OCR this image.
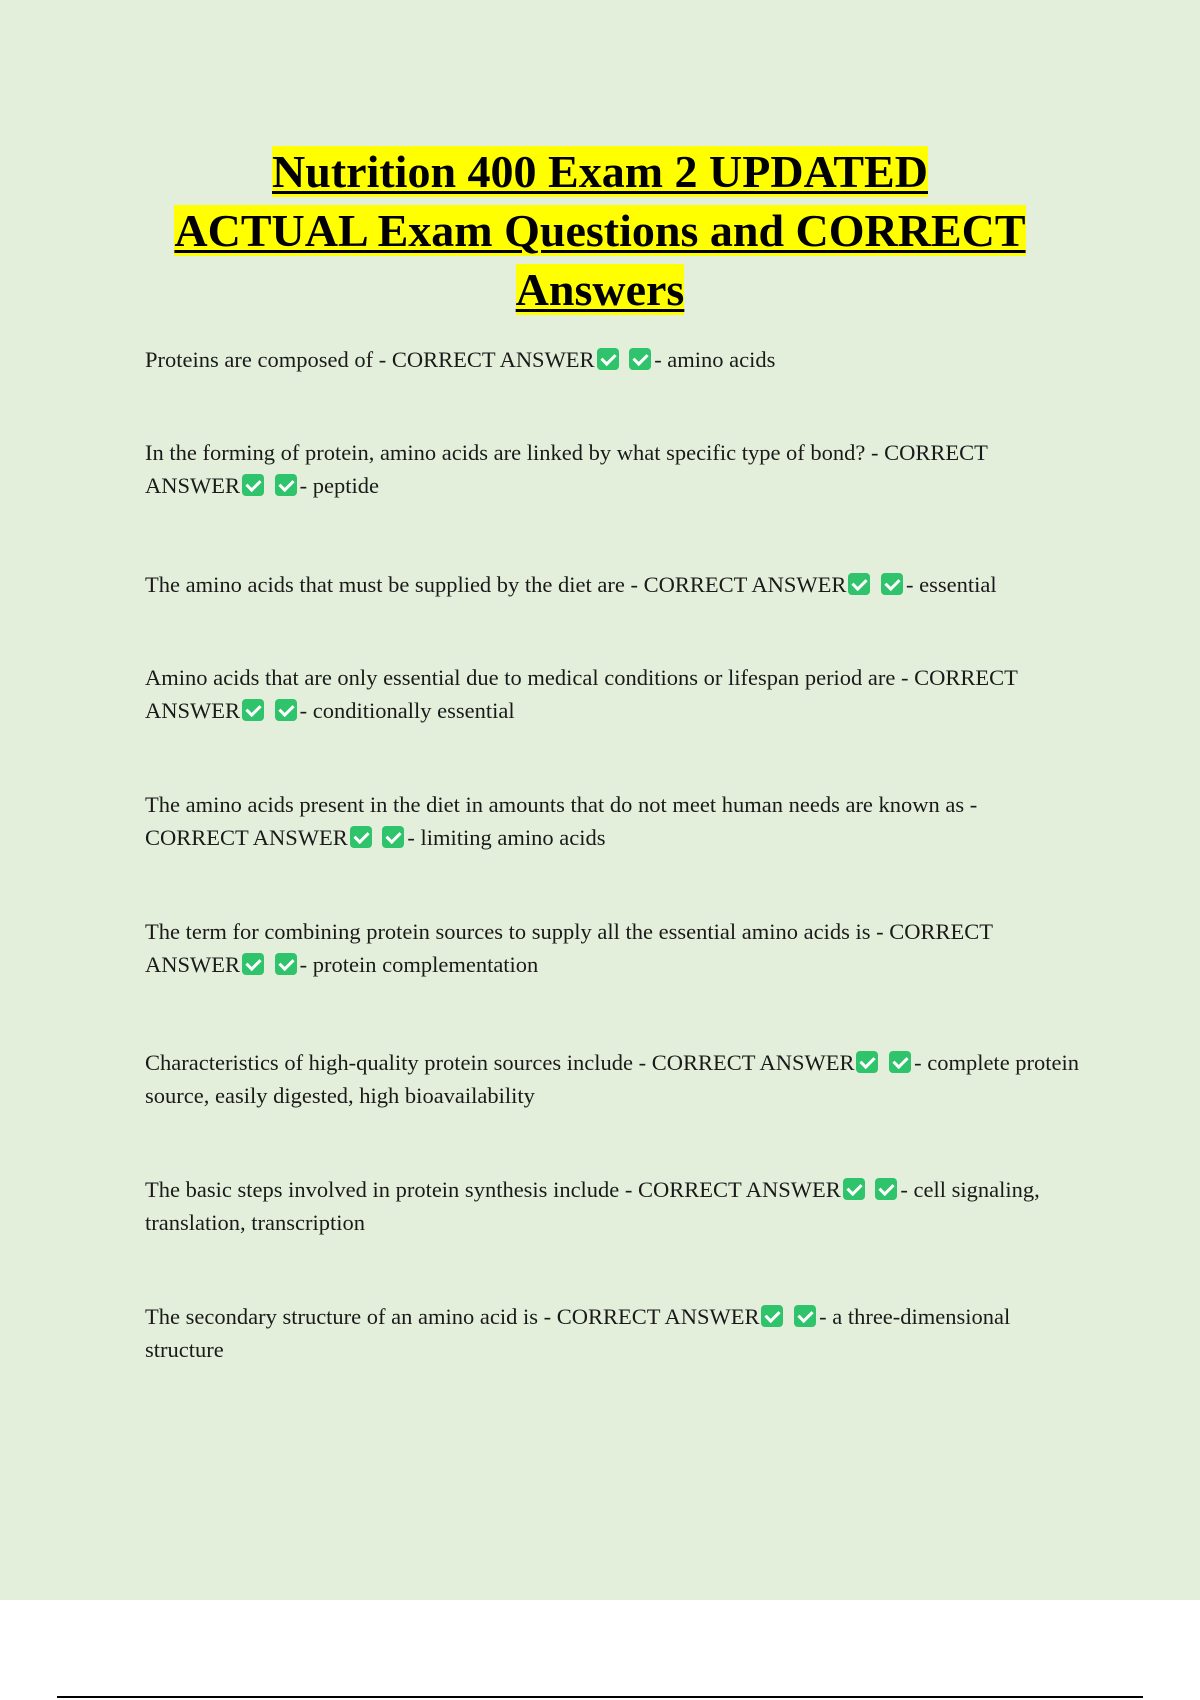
Nutrition 400 Exam 2 UPDATED
ACTUAL Exam Questions and CORRECT
Answers

Proteins are composed of - CORRECT ANSWER	- amino acids

In the forming of protein, amino acids are linked by what specific type of bond? - CORRECT ANSWER	- peptide

The amino acids that must be supplied by the diet are - CORRECT ANSWER	- essential

Amino acids that are only essential due to medical conditions or lifespan period are - CORRECT ANSWER	- conditionally essential

The amino acids present in the diet in amounts that do not meet human needs are known as - CORRECT ANSWER	- limiting amino acids

The term for combining protein sources to supply all the essential amino acids is - CORRECT ANSWER	- protein complementation

Characteristics of high-quality protein sources include - CORRECT ANSWER	- complete protein source, easily digested, high bioavailability

The basic steps involved in protein synthesis include - CORRECT ANSWER	- cell signaling, translation, transcription

The secondary structure of an amino acid is - CORRECT ANSWER	- a three-dimensional structure
